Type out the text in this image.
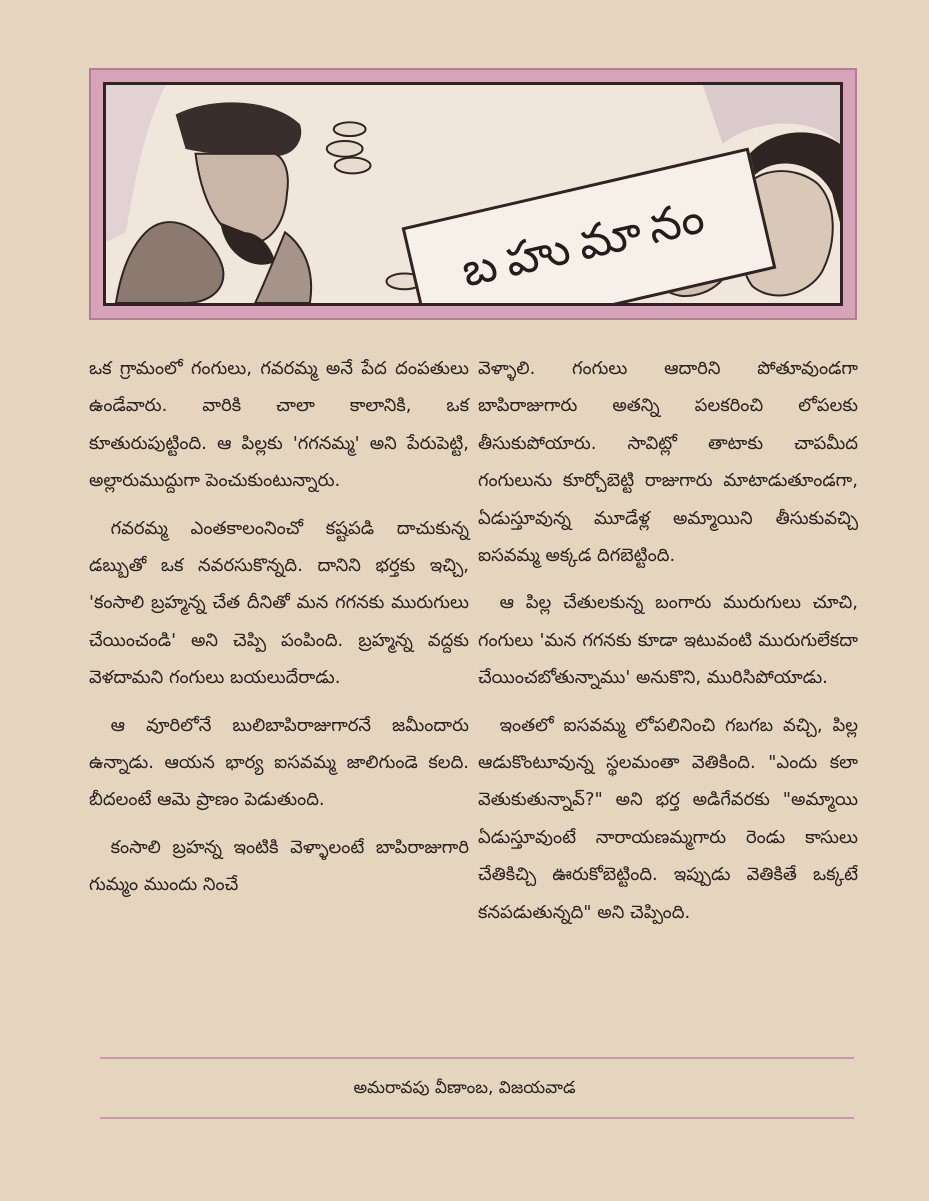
బహుమానం

ఒక గ్రామంలో గంగులు, గవరమ్మ అనే పేద దంపతులు ఉండేవారు. వారికి చాలా కాలానికి, ఒక కూతురుపుట్టింది. ఆ పిల్లకు 'గగనమ్మ' అని పేరుపెట్టి, అల్లారుముద్దుగా పెంచుకుంటున్నారు.

గవరమ్మ ఎంతకాలంనించో కష్టపడి దాచుకున్న డబ్బుతో ఒక నవరసుకొన్నది. దానిని భర్తకు ఇచ్చి, 'కంసాలి బ్రహ్మన్న చేత దీనితో మన గగనకు మురుగులు చేయించండి' అని చెప్పి పంపింది. బ్రహ్మన్న వద్దకు వెళదామని గంగులు బయలుదేరాడు.

ఆ వూరిలోనే బులిబాపిరాజుగారనే జమీందారు ఉన్నాడు. ఆయన భార్య ఐసవమ్మ జాలిగుండె కలది. బీదలంటే ఆమె ప్రాణం పెడుతుంది.

కంసాలి బ్రహన్న ఇంటికి వెళ్ళాలంటే బాపిరాజుగారి గుమ్మం ముందు నించే

వెళ్ళాలి. గంగులు ఆదారిని పోతూవుండగా బాపిరాజుగారు అతన్ని పలకరించి లోపలకు తీసుకుపోయారు. సావిట్లో తాటాకు చాపమీద గంగులును కూర్చోబెట్టి రాజుగారు మాటాడుతూండగా, ఏడుస్తూవున్న మూడేళ్ల అమ్మాయిని తీసుకువచ్చి ఐసవమ్మ అక్కడ దిగబెట్టింది.

ఆ పిల్ల చేతులకున్న బంగారు మురుగులు చూచి, గంగులు 'మన గగనకు కూడా ఇటువంటి మురుగులేకదా చేయించబోతున్నాము' అనుకొని, మురిసిపోయాడు.

ఇంతలో ఐసవమ్మ లోపలినించి గబగబ వచ్చి, పిల్ల ఆడుకొంటూవున్న స్థలమంతా వెతికింది. "ఎందు కలా వెతుకుతున్నావ్?" అని భర్త అడిగేవరకు "అమ్మాయి ఏడుస్తూవుంటే నారాయణమ్మగారు రెండు కాసులు చేతికిచ్చి ఊరుకోబెట్టింది. ఇప్పుడు వెతికితే ఒక్కటే కనపడుతున్నది" అని చెప్పింది.

అమరావపు వీణాంబ, విజయవాడ
